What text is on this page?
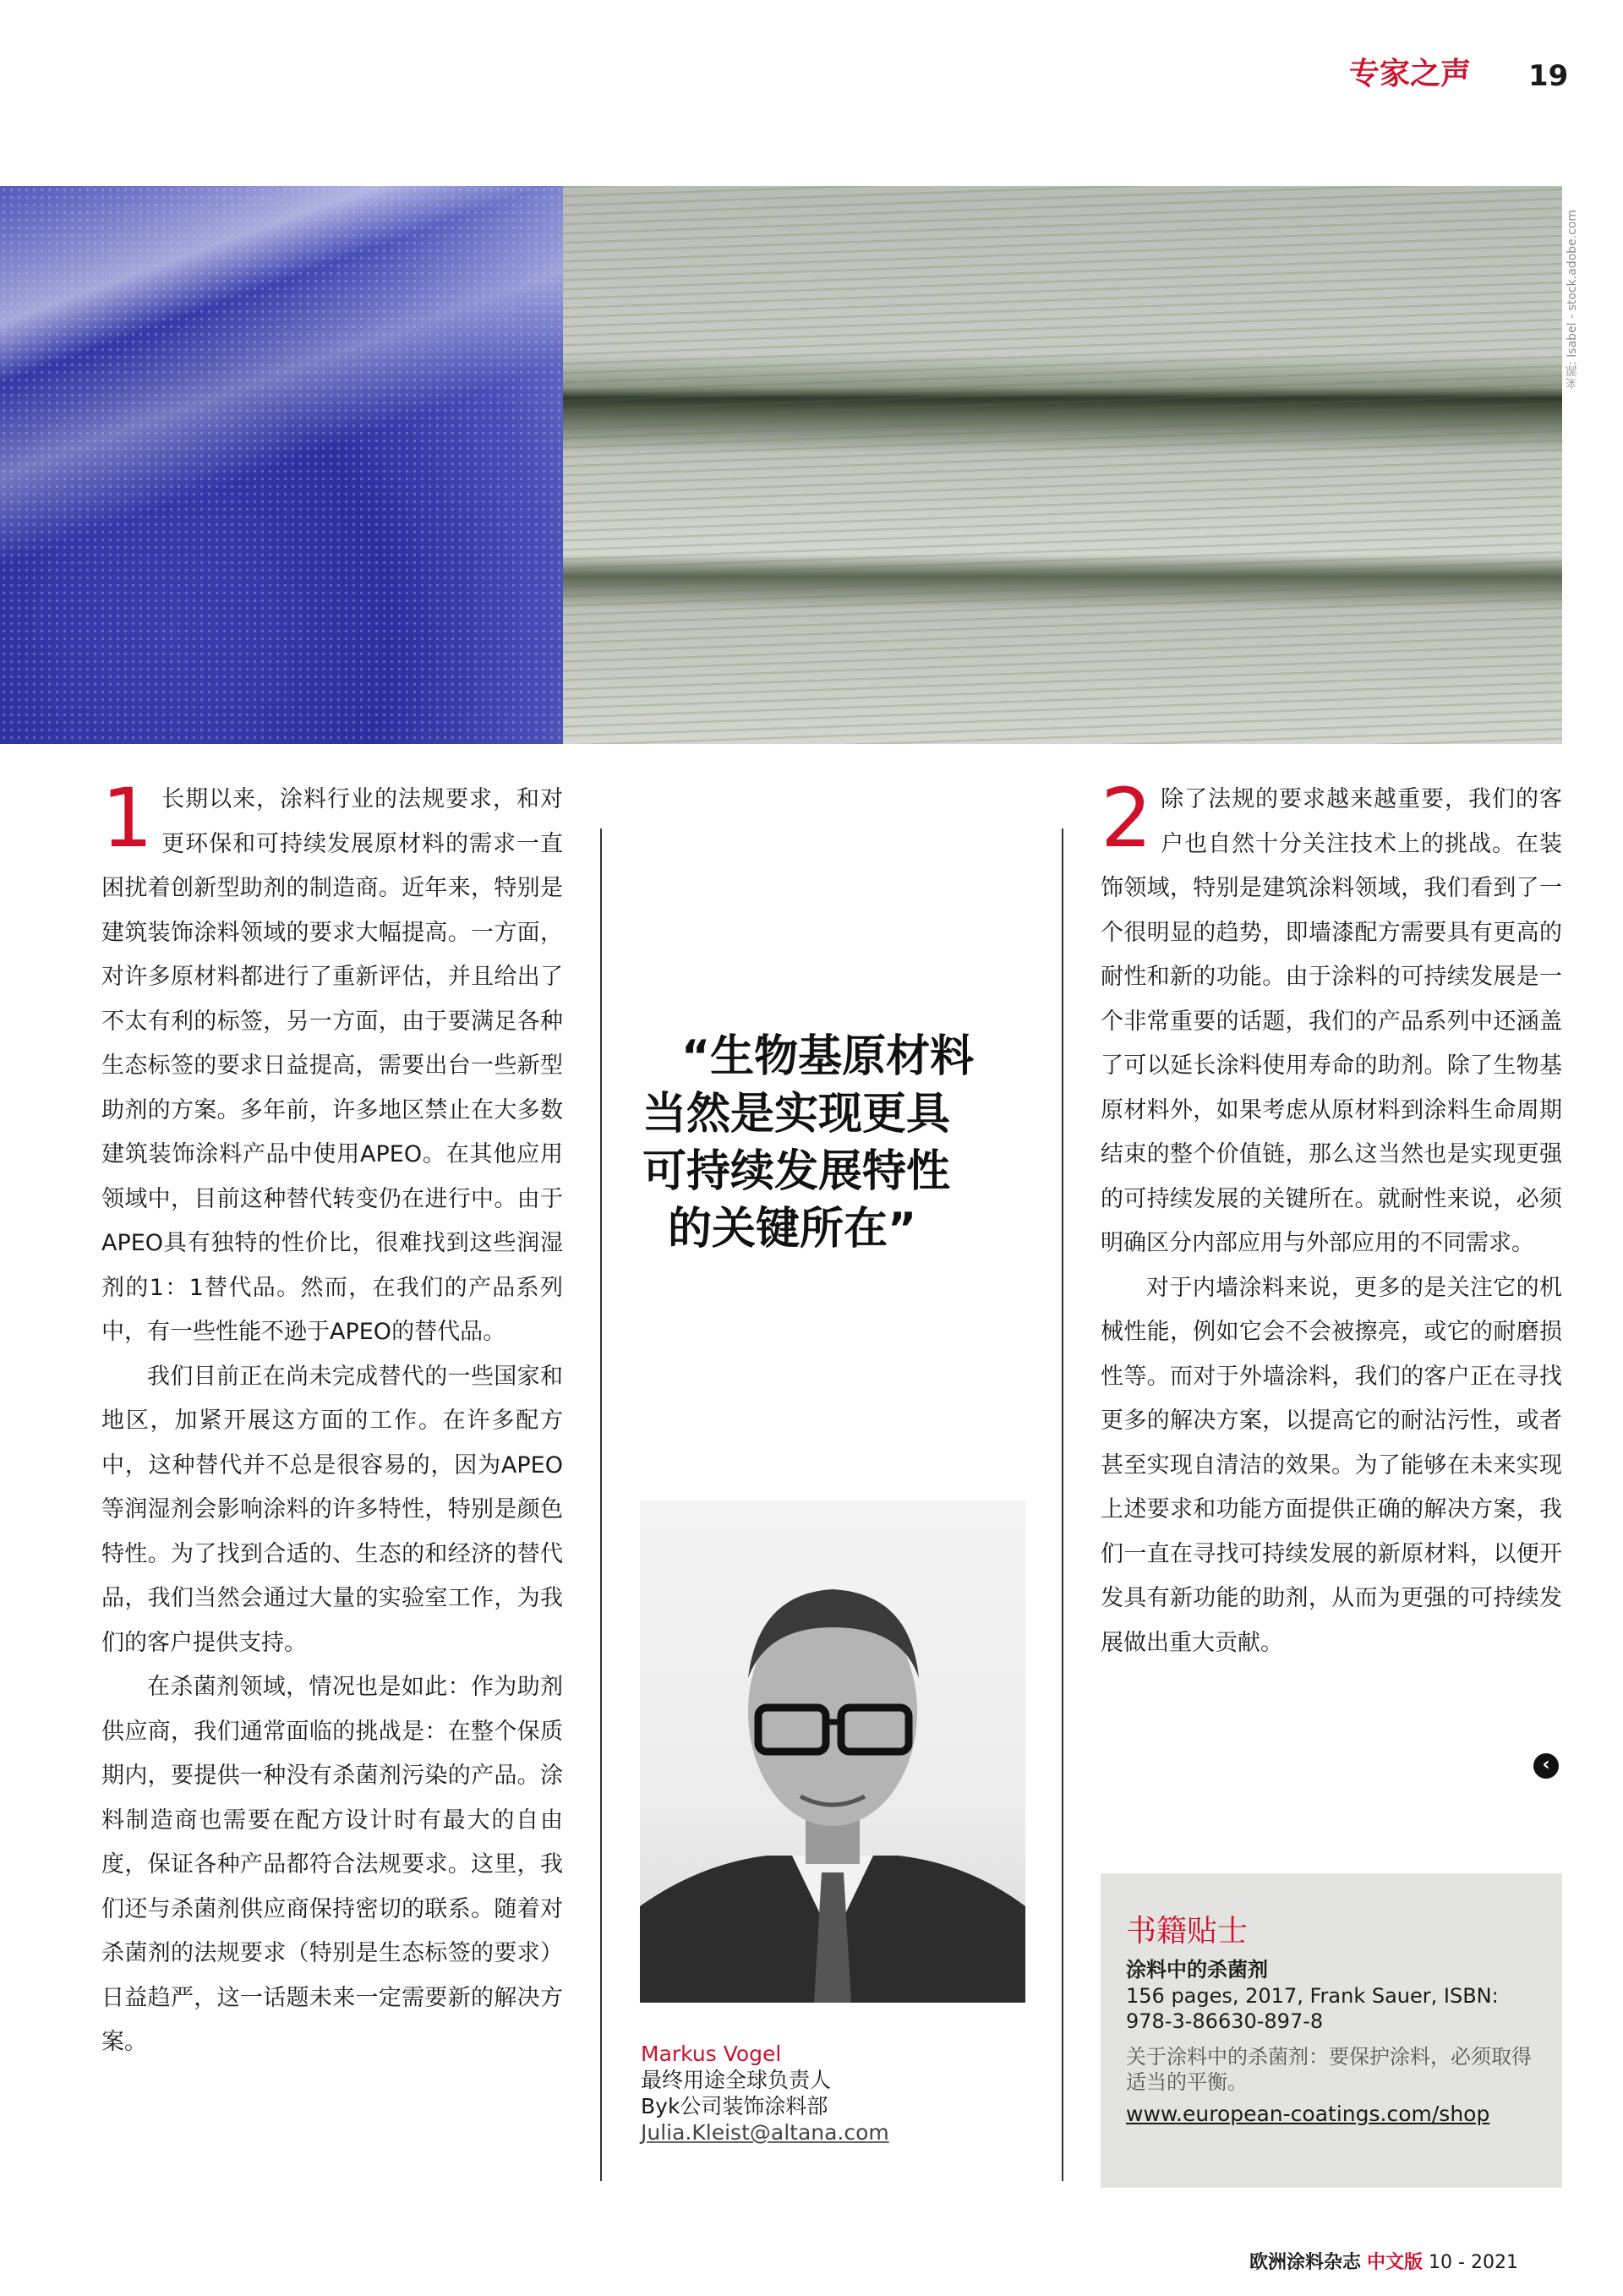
专家之声 19
来源: Isabel - stock.adobe.com
1 长期以来，涂料行业的法规要求，和对更环保和可持续发展原材料的需求一直困扰着创新型助剂的制造商。近年来，特别是建筑装饰涂料领域的要求大幅提高。一方面，对许多原材料都进行了重新评估，并且给出了不太有利的标签，另一方面，由于要满足各种生态标签的要求日益提高，需要出台一些新型助剂的方案。多年前，许多地区禁止在大多数建筑装饰涂料产品中使用APEO。在其他应用领域中，目前这种替代转变仍在进行中。由于APEO具有独特的性价比，很难找到这些润湿剂的1：1替代品。然而，在我们的产品系列中，有一些性能不逊于APEO的替代品。

我们目前正在尚未完成替代的一些国家和地区，加紧开展这方面的工作。在许多配方中，这种替代并不总是很容易的，因为APEO等润湿剂会影响涂料的许多特性，特别是颜色特性。为了找到合适的、生态的和经济的替代品，我们当然会通过大量的实验室工作，为我们的客户提供支持。

在杀菌剂领域，情况也是如此：作为助剂供应商，我们通常面临的挑战是：在整个保质期内，要提供一种没有杀菌剂污染的产品。涂料制造商也需要在配方设计时有最大的自由度，保证各种产品都符合法规要求。这里，我们还与杀菌剂供应商保持密切的联系。随着对杀菌剂的法规要求（特别是生态标签的要求）日益趋严，这一话题未来一定需要新的解决方案。

“生物基原材料
当然是实现更具
可持续发展特性
的关键所在”
Markus Vogel
最终用途全球负责人
Byk公司装饰涂料部
Julia.Kleist@altana.com
2 除了法规的要求越来越重要，我们的客户也自然十分关注技术上的挑战。在装饰领域，特别是建筑涂料领域，我们看到了一个很明显的趋势，即墙漆配方需要具有更高的耐性和新的功能。由于涂料的可持续发展是一个非常重要的话题，我们的产品系列中还涵盖了可以延长涂料使用寿命的助剂。除了生物基原材料外，如果考虑从原材料到涂料生命周期结束的整个价值链，那么这当然也是实现更强的可持续发展的关键所在。就耐性来说，必须明确区分内部应用与外部应用的不同需求。

对于内墙涂料来说，更多的是关注它的机械性能，例如它会不会被擦亮，或它的耐磨损性等。而对于外墙涂料，我们的客户正在寻找更多的解决方案，以提高它的耐沾污性，或者甚至实现自清洁的效果。为了能够在未来实现上述要求和功能方面提供正确的解决方案，我们一直在寻找可持续发展的新原材料，以便开发具有新功能的助剂，从而为更强的可持续发展做出重大贡献。

‹
书籍贴士
涂料中的杀菌剂
156 pages, 2017, Frank Sauer, ISBN: 978-3-86630-897-8
关于涂料中的杀菌剂：要保护涂料，必须取得适当的平衡。
www.european-coatings.com/shop
欧洲涂料杂志 中文版 10 - 2021
